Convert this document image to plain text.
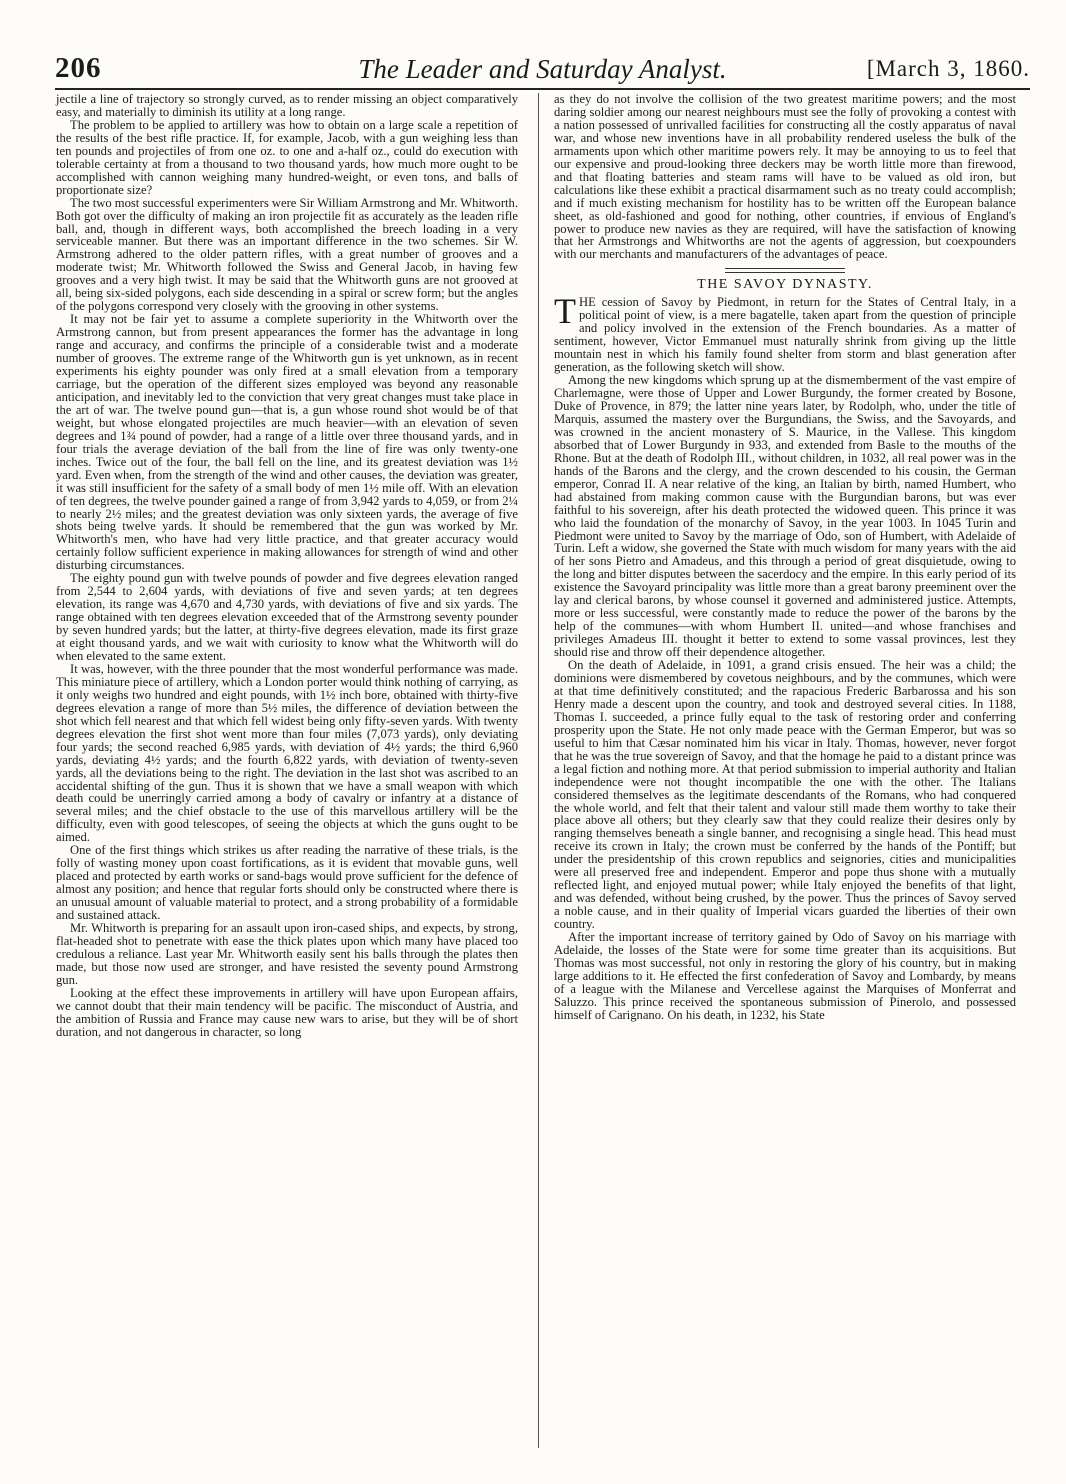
206	The Leader and Saturday Analyst.	[March 3, 1860.

jectile a line of trajectory so strongly curved, as to render missing an object comparatively easy, and materially to diminish its utility at a long range.

The problem to be applied to artillery was how to obtain on a large scale a repetition of the results of the best rifle practice. If, for example, Jacob, with a gun weighing less than ten pounds and projectiles of from one oz. to one and a-half oz., could do execution with tolerable certainty at from a thousand to two thousand yards, how much more ought to be accomplished with cannon weighing many hundred-weight, or even tons, and balls of proportionate size?

The two most successful experimenters were Sir William Armstrong and Mr. Whitworth. Both got over the difficulty of making an iron projectile fit as accurately as the leaden rifle ball, and, though in different ways, both accomplished the breech loading in a very serviceable manner. But there was an important difference in the two schemes. Sir W. Armstrong adhered to the older pattern rifles, with a great number of grooves and a moderate twist; Mr. Whitworth followed the Swiss and General Jacob, in having few grooves and a very high twist. It may be said that the Whitworth guns are not grooved at all, being six-sided polygons, each side descending in a spiral or screw form; but the angles of the polygons correspond very closely with the grooving in other systems.

It may not be fair yet to assume a complete superiority in the Whitworth over the Armstrong cannon, but from present appearances the former has the advantage in long range and accuracy, and confirms the principle of a considerable twist and a moderate number of grooves. The extreme range of the Whitworth gun is yet unknown, as in recent experiments his eighty pounder was only fired at a small elevation from a temporary carriage, but the operation of the different sizes employed was beyond any reasonable anticipation, and inevitably led to the conviction that very great changes must take place in the art of war. The twelve pound gun—that is, a gun whose round shot would be of that weight, but whose elongated projectiles are much heavier—with an elevation of seven degrees and 1¾ pound of powder, had a range of a little over three thousand yards, and in four trials the average deviation of the ball from the line of fire was only twenty-one inches. Twice out of the four, the ball fell on the line, and its greatest deviation was 1½ yard. Even when, from the strength of the wind and other causes, the deviation was greater, it was still insufficient for the safety of a small body of men 1½ mile off. With an elevation of ten degrees, the twelve pounder gained a range of from 3,942 yards to 4,059, or from 2¼ to nearly 2½ miles; and the greatest deviation was only sixteen yards, the average of five shots being twelve yards. It should be remembered that the gun was worked by Mr. Whitworth's men, who have had very little practice, and that greater accuracy would certainly follow sufficient experience in making allowances for strength of wind and other disturbing circumstances.

The eighty pound gun with twelve pounds of powder and five degrees elevation ranged from 2,544 to 2,604 yards, with deviations of five and seven yards; at ten degrees elevation, its range was 4,670 and 4,730 yards, with deviations of five and six yards. The range obtained with ten degrees elevation exceeded that of the Armstrong seventy pounder by seven hundred yards; but the latter, at thirty-five degrees elevation, made its first graze at eight thousand yards, and we wait with curiosity to know what the Whitworth will do when elevated to the same extent.

It was, however, with the three pounder that the most wonderful performance was made. This miniature piece of artillery, which a London porter would think nothing of carrying, as it only weighs two hundred and eight pounds, with 1½ inch bore, obtained with thirty-five degrees elevation a range of more than 5½ miles, the difference of deviation between the shot which fell nearest and that which fell widest being only fifty-seven yards. With twenty degrees elevation the first shot went more than four miles (7,073 yards), only deviating four yards; the second reached 6,985 yards, with deviation of 4½ yards; the third 6,960 yards, deviating 4½ yards; and the fourth 6,822 yards, with deviation of twenty-seven yards, all the deviations being to the right. The deviation in the last shot was ascribed to an accidental shifting of the gun. Thus it is shown that we have a small weapon with which death could be unerringly carried among a body of cavalry or infantry at a distance of several miles; and the chief obstacle to the use of this marvellous artillery will be the difficulty, even with good telescopes, of seeing the objects at which the guns ought to be aimed.

One of the first things which strikes us after reading the narrative of these trials, is the folly of wasting money upon coast fortifications, as it is evident that movable guns, well placed and protected by earth works or sand-bags would prove sufficient for the defence of almost any position; and hence that regular forts should only be constructed where there is an unusual amount of valuable material to protect, and a strong probability of a formidable and sustained attack.

Mr. Whitworth is preparing for an assault upon iron-cased ships, and expects, by strong, flat-headed shot to penetrate with ease the thick plates upon which many have placed too credulous a reliance. Last year Mr. Whitworth easily sent his balls through the plates then made, but those now used are stronger, and have resisted the seventy pound Armstrong gun.

Looking at the effect these improvements in artillery will have upon European affairs, we cannot doubt that their main tendency will be pacific. The misconduct of Austria, and the ambition of Russia and France may cause new wars to arise, but they will be of short duration, and not dangerous in character, so long

as they do not involve the collision of the two greatest maritime powers; and the most daring soldier among our nearest neighbours must see the folly of provoking a contest with a nation possessed of unrivalled facilities for constructing all the costly apparatus of naval war, and whose new inventions have in all probability rendered useless the bulk of the armaments upon which other maritime powers rely. It may be annoying to us to feel that our expensive and proud-looking three deckers may be worth little more than firewood, and that floating batteries and steam rams will have to be valued as old iron, but calculations like these exhibit a practical disarmament such as no treaty could accomplish; and if much existing mechanism for hostility has to be written off the European balance sheet, as old-fashioned and good for nothing, other countries, if envious of England's power to produce new navies as they are required, will have the satisfaction of knowing that her Armstrongs and Whitworths are not the agents of aggression, but coexpounders with our merchants and manufacturers of the advantages of peace.

THE SAVOY DYNASTY.

THE cession of Savoy by Piedmont, in return for the States of Central Italy, in a political point of view, is a mere bagatelle, taken apart from the question of principle and policy involved in the extension of the French boundaries. As a matter of sentiment, however, Victor Emmanuel must naturally shrink from giving up the little mountain nest in which his family found shelter from storm and blast generation after generation, as the following sketch will show.

Among the new kingdoms which sprung up at the dismemberment of the vast empire of Charlemagne, were those of Upper and Lower Burgundy, the former created by Bosone, Duke of Provence, in 879; the latter nine years later, by Rodolph, who, under the title of Marquis, assumed the mastery over the Burgundians, the Swiss, and the Savoyards, and was crowned in the ancient monastery of S. Maurice, in the Vallese. This kingdom absorbed that of Lower Burgundy in 933, and extended from Basle to the mouths of the Rhone. But at the death of Rodolph III., without children, in 1032, all real power was in the hands of the Barons and the clergy, and the crown descended to his cousin, the German emperor, Conrad II. A near relative of the king, an Italian by birth, named Humbert, who had abstained from making common cause with the Burgundian barons, but was ever faithful to his sovereign, after his death protected the widowed queen. This prince it was who laid the foundation of the monarchy of Savoy, in the year 1003. In 1045 Turin and Piedmont were united to Savoy by the marriage of Odo, son of Humbert, with Adelaide of Turin. Left a widow, she governed the State with much wisdom for many years with the aid of her sons Pietro and Amadeus, and this through a period of great disquietude, owing to the long and bitter disputes between the sacerdocy and the empire. In this early period of its existence the Savoyard principality was little more than a great barony preeminent over the lay and clerical barons, by whose counsel it governed and administered justice. Attempts, more or less successful, were constantly made to reduce the power of the barons by the help of the communes—with whom Humbert II. united—and whose franchises and privileges Amadeus III. thought it better to extend to some vassal provinces, lest they should rise and throw off their dependence altogether.

On the death of Adelaide, in 1091, a grand crisis ensued. The heir was a child; the dominions were dismembered by covetous neighbours, and by the communes, which were at that time definitively constituted; and the rapacious Frederic Barbarossa and his son Henry made a descent upon the country, and took and destroyed several cities. In 1188, Thomas I. succeeded, a prince fully equal to the task of restoring order and conferring prosperity upon the State. He not only made peace with the German Emperor, but was so useful to him that Cæsar nominated him his vicar in Italy. Thomas, however, never forgot that he was the true sovereign of Savoy, and that the homage he paid to a distant prince was a legal fiction and nothing more. At that period submission to imperial authority and Italian independence were not thought incompatible the one with the other. The Italians considered themselves as the legitimate descendants of the Romans, who had conquered the whole world, and felt that their talent and valour still made them worthy to take their place above all others; but they clearly saw that they could realize their desires only by ranging themselves beneath a single banner, and recognising a single head. This head must receive its crown in Italy; the crown must be conferred by the hands of the Pontiff; but under the presidentship of this crown republics and seignories, cities and municipalities were all preserved free and independent. Emperor and pope thus shone with a mutually reflected light, and enjoyed mutual power; while Italy enjoyed the benefits of that light, and was defended, without being crushed, by the power. Thus the princes of Savoy served a noble cause, and in their quality of Imperial vicars guarded the liberties of their own country.

After the important increase of territory gained by Odo of Savoy on his marriage with Adelaide, the losses of the State were for some time greater than its acquisitions. But Thomas was most successful, not only in restoring the glory of his country, but in making large additions to it. He effected the first confederation of Savoy and Lombardy, by means of a league with the Milanese and Vercellese against the Marquises of Monferrat and Saluzzo. This prince received the spontaneous submission of Pinerolo, and possessed himself of Carignano. On his death, in 1232, his State
